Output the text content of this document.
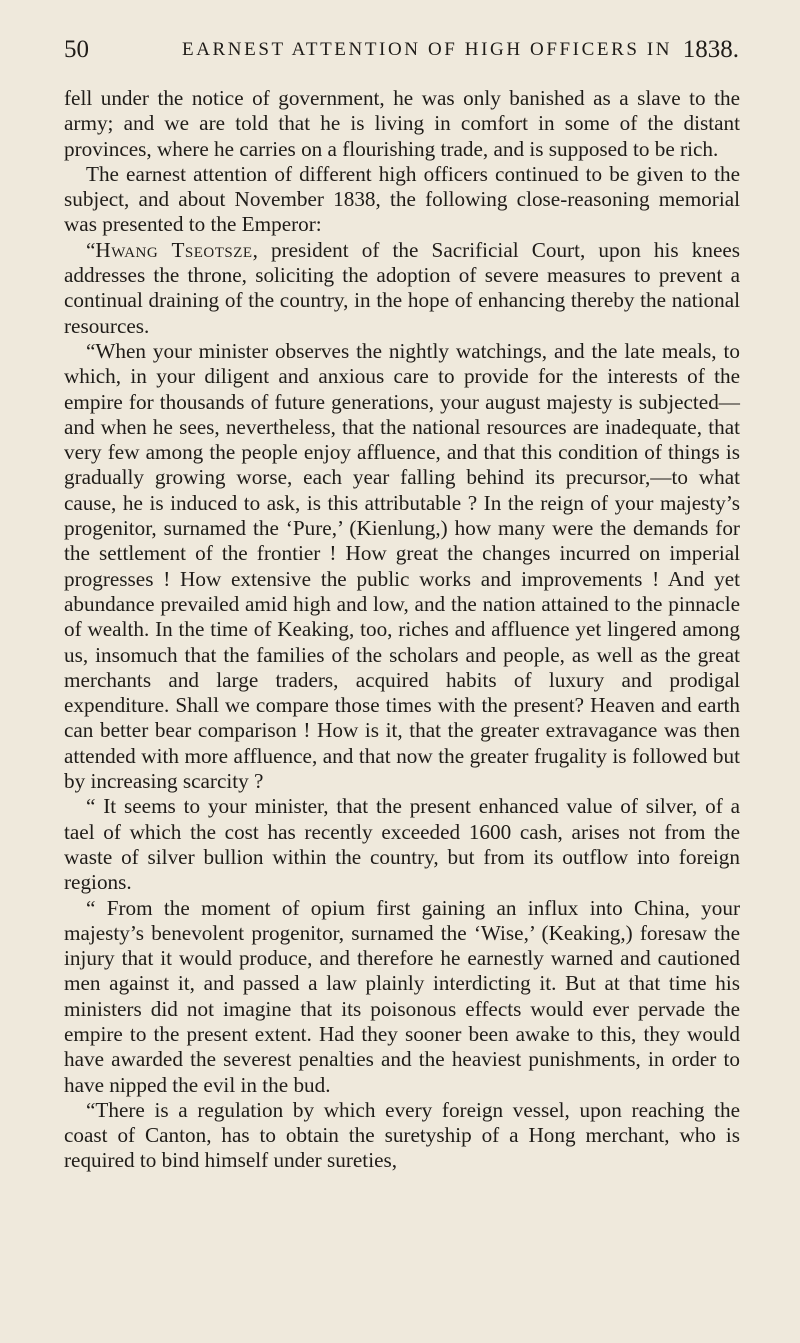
50	EARNEST ATTENTION OF HIGH OFFICERS IN 1838.

fell under the notice of government, he was only banished as a slave to the army; and we are told that he is living in comfort in some of the distant provinces, where he carries on a flourishing trade, and is supposed to be rich.

The earnest attention of different high officers continued to be given to the subject, and about November 1838, the following close-reasoning memorial was presented to the Emperor:

“Hwang Tseotsze, president of the Sacrificial Court, upon his knees addresses the throne, soliciting the adoption of severe measures to prevent a continual draining of the country, in the hope of enhancing thereby the national resources.

“When your minister observes the nightly watchings, and the late meals, to which, in your diligent and anxious care to provide for the interests of the empire for thousands of future generations, your august majesty is subjected—and when he sees, nevertheless, that the national resources are inadequate, that very few among the people enjoy affluence, and that this condition of things is gradually growing worse, each year falling behind its precursor,—to what cause, he is induced to ask, is this attributable ? In the reign of your majesty’s progenitor, surnamed the ‘Pure,’ (Kienlung,) how many were the demands for the settlement of the frontier ! How great the changes incurred on imperial progresses ! How extensive the public works and improvements ! And yet abundance prevailed amid high and low, and the nation attained to the pinnacle of wealth. In the time of Keaking, too, riches and affluence yet lingered among us, insomuch that the families of the scholars and people, as well as the great merchants and large traders, acquired habits of luxury and prodigal expenditure. Shall we compare those times with the present? Heaven and earth can better bear comparison ! How is it, that the greater extravagance was then attended with more affluence, and that now the greater frugality is followed but by increasing scarcity ?

“ It seems to your minister, that the present enhanced value of silver, of a tael of which the cost has recently exceeded 1600 cash, arises not from the waste of silver bullion within the country, but from its outflow into foreign regions.

“ From the moment of opium first gaining an influx into China, your majesty’s benevolent progenitor, surnamed the ‘Wise,’ (Keaking,) foresaw the injury that it would produce, and therefore he earnestly warned and cautioned men against it, and passed a law plainly interdicting it. But at that time his ministers did not imagine that its poisonous effects would ever pervade the empire to the present extent. Had they sooner been awake to this, they would have awarded the severest penalties and the heaviest punishments, in order to have nipped the evil in the bud.

“There is a regulation by which every foreign vessel, upon reaching the coast of Canton, has to obtain the suretyship of a Hong merchant, who is required to bind himself under sureties,
